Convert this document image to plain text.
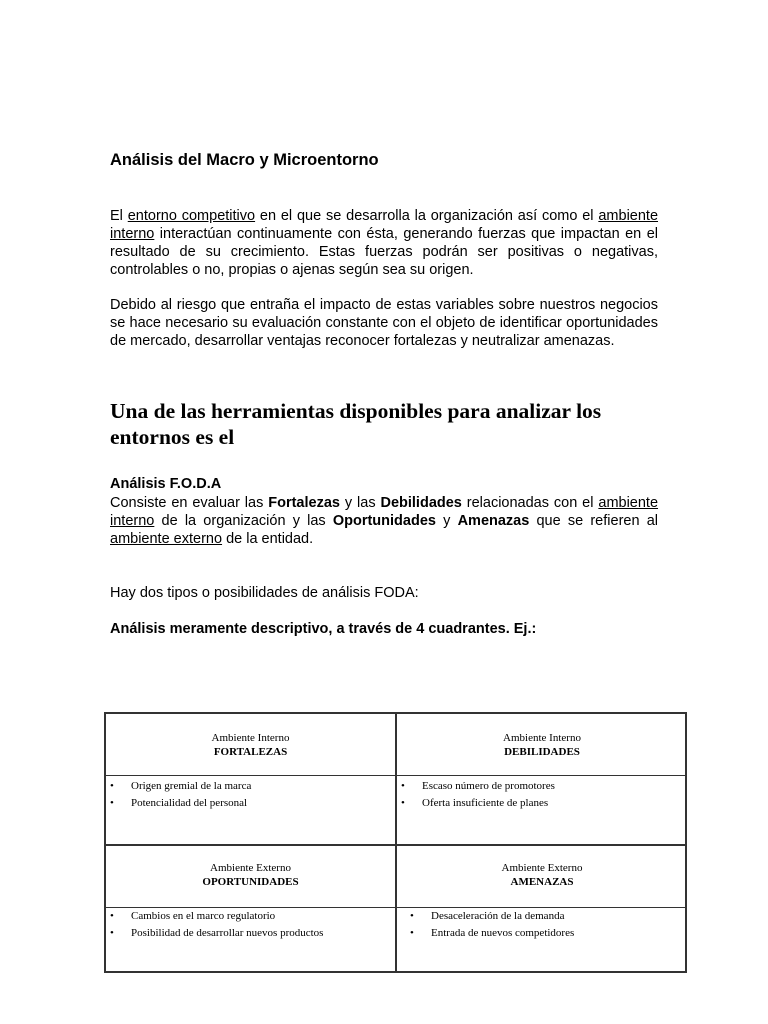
Análisis del Macro y Microentorno

El entorno competitivo en el que se desarrolla la organización así como el ambiente interno interactúan continuamente con ésta, generando fuerzas que impactan en el resultado de su crecimiento. Estas fuerzas podrán ser positivas o negativas, controlables o no, propias o ajenas según sea su origen.

Debido al riesgo que entraña el impacto de estas variables sobre nuestros negocios se hace necesario su evaluación constante con el objeto de identificar oportunidades de mercado, desarrollar ventajas reconocer fortalezas y neutralizar amenazas.

Una de las herramientas disponibles para analizar los entornos es el
Análisis F.O.D.A

Consiste en evaluar las Fortalezas y las Debilidades relacionadas con el ambiente interno de la organización y las Oportunidades y Amenazas que se refieren al ambiente externo de la entidad.

Hay dos tipos o posibilidades de análisis FODA:

Análisis meramente descriptivo, a través de 4 cuadrantes. Ej.:

Ambiente Interno
FORTALEZAS
Ambiente Interno
DEBILIDADES
• Origen gremial de la marca
• Potencialidad del personal
• Escaso número de promotores
• Oferta insuficiente de planes
Ambiente Externo
OPORTUNIDADES
Ambiente Externo
AMENAZAS
• Cambios en el marco regulatorio
• Posibilidad de desarrollar nuevos productos
• Desaceleración de la demanda
• Entrada de nuevos competidores
